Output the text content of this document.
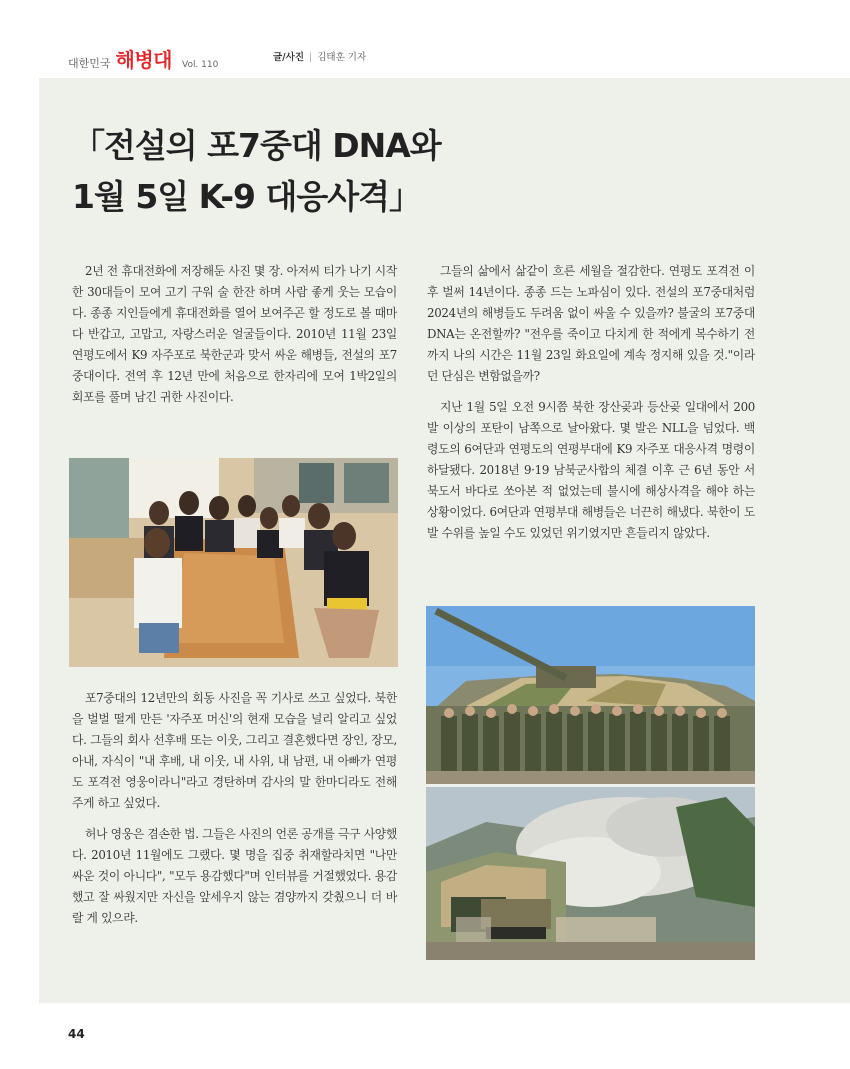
대한민국 해병대 Vol. 110
글/사진 | 김태훈 기자
「전설의 포7중대 DNA와
1월 5일 K-9 대응사격」

2년 전 휴대전화에 저장해둔 사진 몇 장. 아저씨 티가 나기 시작한 30대들이 모여 고기 구워 술 한잔 하며 사람 좋게 웃는 모습이다. 종종 지인들에게 휴대전화를 열어 보여주곤 할 정도로 볼 때마다 반갑고, 고맙고, 자랑스러운 얼굴들이다. 2010년 11월 23일 연평도에서 K9 자주포로 북한군과 맞서 싸운 해병들, 전설의 포7중대이다. 전역 후 12년 만에 처음으로 한자리에 모여 1박2일의 회포를 풀며 남긴 귀한 사진이다.

포7중대의 12년만의 회동 사진을 꼭 기사로 쓰고 싶었다. 북한을 벌벌 떨게 만든 '자주포 머신'의 현재 모습을 널리 알리고 싶었다. 그들의 회사 선후배 또는 이웃, 그리고 결혼했다면 장인, 장모, 아내, 자식이 "내 후배, 내 이웃, 내 사위, 내 남편, 내 아빠가 연평도 포격전 영웅이라니"라고 경탄하며 감사의 말 한마디라도 전해주게 하고 싶었다.

허나 영웅은 겸손한 법. 그들은 사진의 언론 공개를 극구 사양했다. 2010년 11월에도 그랬다. 몇 명을 집중 취재할라치면 "나만 싸운 것이 아니다", "모두 용감했다"며 인터뷰를 거절했었다. 용감했고 잘 싸웠지만 자신을 앞세우지 않는 겸양까지 갖췄으니 더 바랄 게 있으랴.

그들의 삶에서 삶같이 흐른 세월을 절감한다. 연평도 포격전 이후 벌써 14년이다. 종종 드는 노파심이 있다. 전설의 포7중대처럼 2024년의 해병들도 두려움 없이 싸울 수 있을까? 불굴의 포7중대 DNA는 온전할까? "전우를 죽이고 다치게 한 적에게 복수하기 전까지 나의 시간은 11월 23일 화요일에 계속 정지해 있을 것."이라던 단심은 변함없을까?

지난 1월 5일 오전 9시쯤 북한 장산곶과 등산곶 일대에서 200발 이상의 포탄이 남쪽으로 날아왔다. 몇 발은 NLL을 넘었다. 백령도의 6여단과 연평도의 연평부대에 K9 자주포 대응사격 명령이 하달됐다. 2018년 9·19 남북군사합의 체결 이후 근 6년 동안 서북도서 바다로 쏘아본 적 없었는데 불시에 해상사격을 해야 하는 상황이었다. 6여단과 연평부대 해병들은 너끈히 해냈다. 북한이 도발 수위를 높일 수도 있었던 위기였지만 흔들리지 않았다.

44
